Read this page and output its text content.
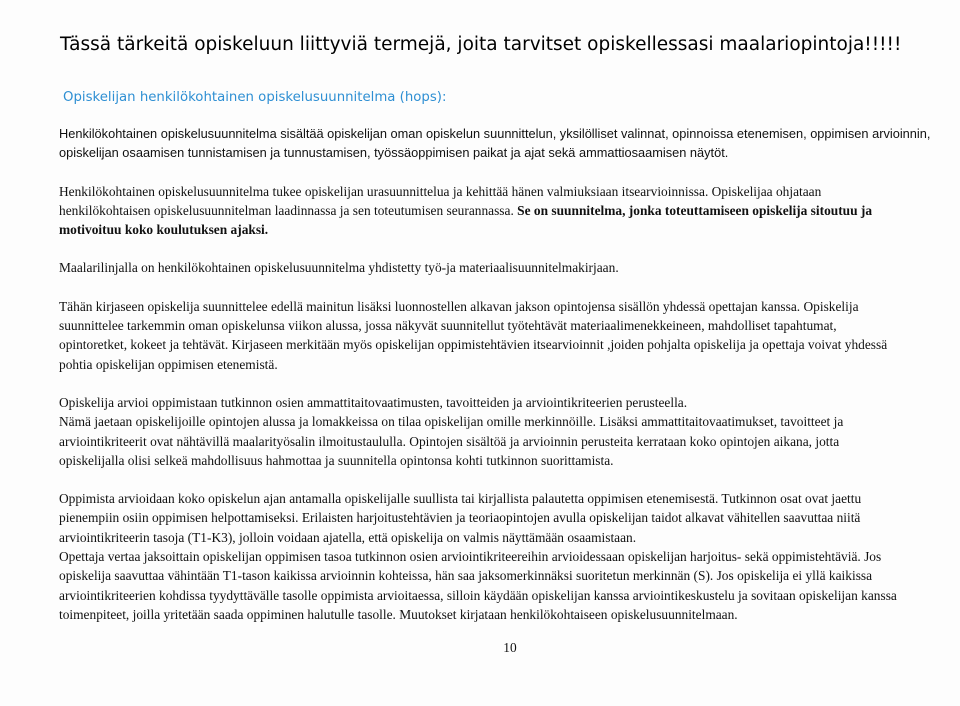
Tässä tärkeitä opiskeluun liittyviä termejä, joita tarvitset opiskellessasi maalariopintoja!!!!!
Opiskelijan henkilökohtainen opiskelusuunnitelma (hops):

Henkilökohtainen opiskelusuunnitelma sisältää opiskelijan oman opiskelun suunnittelun, yksilölliset valinnat, opinnoissa etenemisen, oppimisen arvioinnin,
opiskelijan osaamisen tunnistamisen ja tunnustamisen, työssäoppimisen paikat ja ajat sekä ammattiosaamisen näytöt.

Henkilökohtainen opiskelusuunnitelma tukee opiskelijan urasuunnittelua ja kehittää hänen valmiuksiaan itsearvioinnissa. Opiskelijaa ohjataan
henkilökohtaisen opiskelusuunnitelman laadinnassa ja sen toteutumisen seurannassa. Se on suunnitelma, jonka toteuttamiseen opiskelija sitoutuu ja
motivoituu koko koulutuksen ajaksi.

Maalarilinjalla on henkilökohtainen opiskelusuunnitelma yhdistetty työ-ja materiaalisuunnitelmakirjaan.

Tähän kirjaseen opiskelija suunnittelee edellä mainitun lisäksi luonnostellen alkavan jakson opintojensa sisällön yhdessä opettajan kanssa. Opiskelija
suunnittelee tarkemmin oman opiskelunsa viikon alussa, jossa näkyvät suunnitellut työtehtävät materiaalimenekkeineen, mahdolliset tapahtumat,
opintoretket, kokeet ja tehtävät. Kirjaseen merkitään myös opiskelijan oppimistehtävien itsearvioinnit ,joiden pohjalta opiskelija ja opettaja voivat yhdessä
pohtia opiskelijan oppimisen etenemistä.

Opiskelija arvioi oppimistaan tutkinnon osien ammattitaitovaatimusten, tavoitteiden ja arviointikriteerien perusteella.
Nämä jaetaan opiskelijoille opintojen alussa ja lomakkeissa on tilaa opiskelijan omille merkinnöille. Lisäksi ammattitaitovaatimukset, tavoitteet ja
arviointikriteerit ovat nähtävillä maalarityösalin ilmoitustaululla. Opintojen sisältöä ja arvioinnin perusteita kerrataan koko opintojen aikana, jotta
opiskelijalla olisi selkeä mahdollisuus hahmottaa ja suunnitella opintonsa kohti tutkinnon suorittamista.

Oppimista arvioidaan koko opiskelun ajan antamalla opiskelijalle suullista tai kirjallista palautetta oppimisen etenemisestä. Tutkinnon osat ovat jaettu
pienempiin osiin oppimisen helpottamiseksi. Erilaisten harjoitustehtävien ja teoriaopintojen avulla opiskelijan taidot alkavat vähitellen saavuttaa niitä
arviointikriteerin tasoja (T1-K3), jolloin voidaan ajatella, että opiskelija on valmis näyttämään osaamistaan.
Opettaja vertaa jaksoittain opiskelijan oppimisen tasoa tutkinnon osien arviointikriteereihin arvioidessaan opiskelijan harjoitus- sekä oppimistehtäviä. Jos
opiskelija saavuttaa vähintään T1-tason kaikissa arvioinnin kohteissa, hän saa jaksomerkinnäksi suoritetun merkinnän (S). Jos opiskelija ei yllä kaikissa
arviointikriteerien kohdissa tyydyttävälle tasolle oppimista arvioitaessa, silloin käydään opiskelijan kanssa arviointikeskustelu ja sovitaan opiskelijan kanssa
toimenpiteet, joilla yritetään saada oppiminen halutulle tasolle. Muutokset kirjataan henkilökohtaiseen opiskelusuunnitelmaan.

10
